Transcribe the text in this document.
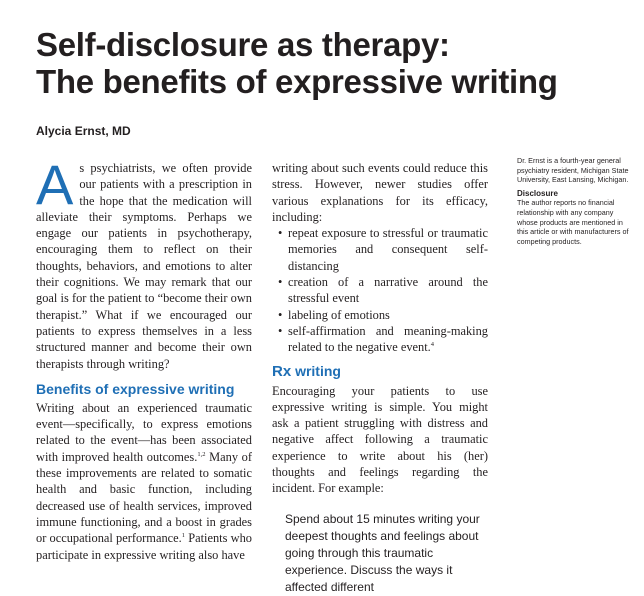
Self-disclosure as therapy:
The benefits of expressive writing
Alycia Ernst, MD

As psychiatrists, we often provide our patients with a prescription in the hope that the medication will alleviate their symptoms. Perhaps we engage our patients in psychotherapy, encouraging them to reflect on their thoughts, behaviors, and emotions to alter their cognitions. We may remark that our goal is for the patient to “become their own therapist.” What if we encouraged our patients to express themselves in a less structured manner and become their own therapists through writing?

Benefits of expressive writing

Writing about an experienced traumatic event—specifically, to express emotions related to the event—has been associated with improved health outcomes.$^{1,2}$ Many of these improvements are related to somatic health and basic function, including decreased use of health services, improved immune functioning, and a boost in grades or occupational performance.$^1$ Patients who participate in expressive writing also have

writing about such events could reduce this stress. However, newer studies offer various explanations for its efficacy, including:

• repeat exposure to stressful or traumatic memories and consequent self-distancing
• creation of a narrative around the stressful event
• labeling of emotions
• self-affirmation and meaning-making related to the negative event.$^4$
Rx writing

Encouraging your patients to use expressive writing is simple. You might ask a patient struggling with distress and negative affect following a traumatic experience to write about his (her) thoughts and feelings regarding the incident. For example:

Spend about 15 minutes writing your deepest thoughts and feelings about going through this traumatic experience. Discuss the ways it affected different

Dr. Ernst is a fourth-year general psychiatry resident, Michigan State University, East Lansing, Michigan.

Disclosure

The author reports no financial relationship with any company whose products are mentioned in this article or with manufacturers of competing products.
